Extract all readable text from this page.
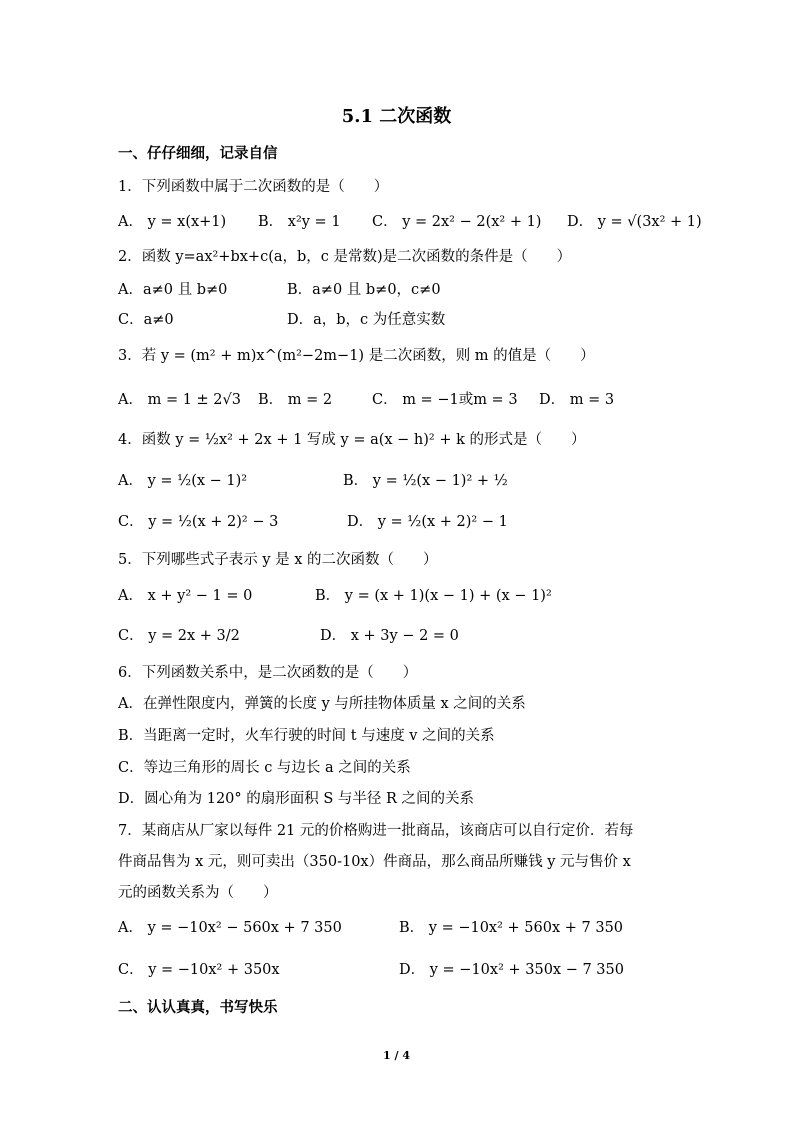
5.1 二次函数
一、仔仔细细，记录自信
1．下列函数中属于二次函数的是（　　）
A． y = x(x+1) B． x²y = 1 C． y = 2x² − 2(x² + 1) D． y = √(3x² + 1)
2．函数 y=ax²+bx+c(a，b，c 是常数)是二次函数的条件是（　　）
A．a≠0 且 b≠0	B．a≠0 且 b≠0，c≠0
C．a≠0	D．a，b，c 为任意实数
3．若 y = (m² + m)x^(m²−2m−1) 是二次函数，则 m 的值是（　　）
A． m = 1 ± 2√3 B． m = 2	C． m = −1或m = 3 D． m = 3
4．函数 y = ½x² + 2x + 1 写成 y = a(x − h)² + k 的形式是（　　）
A． y = ½(x − 1)²	B． y = ½(x − 1)² + ½
C． y = ½(x + 2)² − 3	D． y = ½(x + 2)² − 1
5．下列哪些式子表示 y 是 x 的二次函数（　　）
A． x + y² − 1 = 0	B． y = (x + 1)(x − 1) + (x − 1)²
C． y = 2x + 3/2	D． x + 3y − 2 = 0
6．下列函数关系中，是二次函数的是（　　）
A．在弹性限度内，弹簧的长度 y 与所挂物体质量 x 之间的关系
B．当距离一定时，火车行驶的时间 t 与速度 v 之间的关系
C．等边三角形的周长 c 与边长 a 之间的关系
D．圆心角为 120° 的扇形面积 S 与半径 R 之间的关系
7．某商店从厂家以每件 21 元的价格购进一批商品，该商店可以自行定价．若每
件商品售为 x 元，则可卖出（350-10x）件商品，那么商品所赚钱 y 元与售价 x
元的函数关系为（　　）
A． y = −10x² − 560x + 7 350	B． y = −10x² + 560x + 7 350
C． y = −10x² + 350x	D． y = −10x² + 350x − 7 350
二、认认真真，书写快乐
1 / 4
